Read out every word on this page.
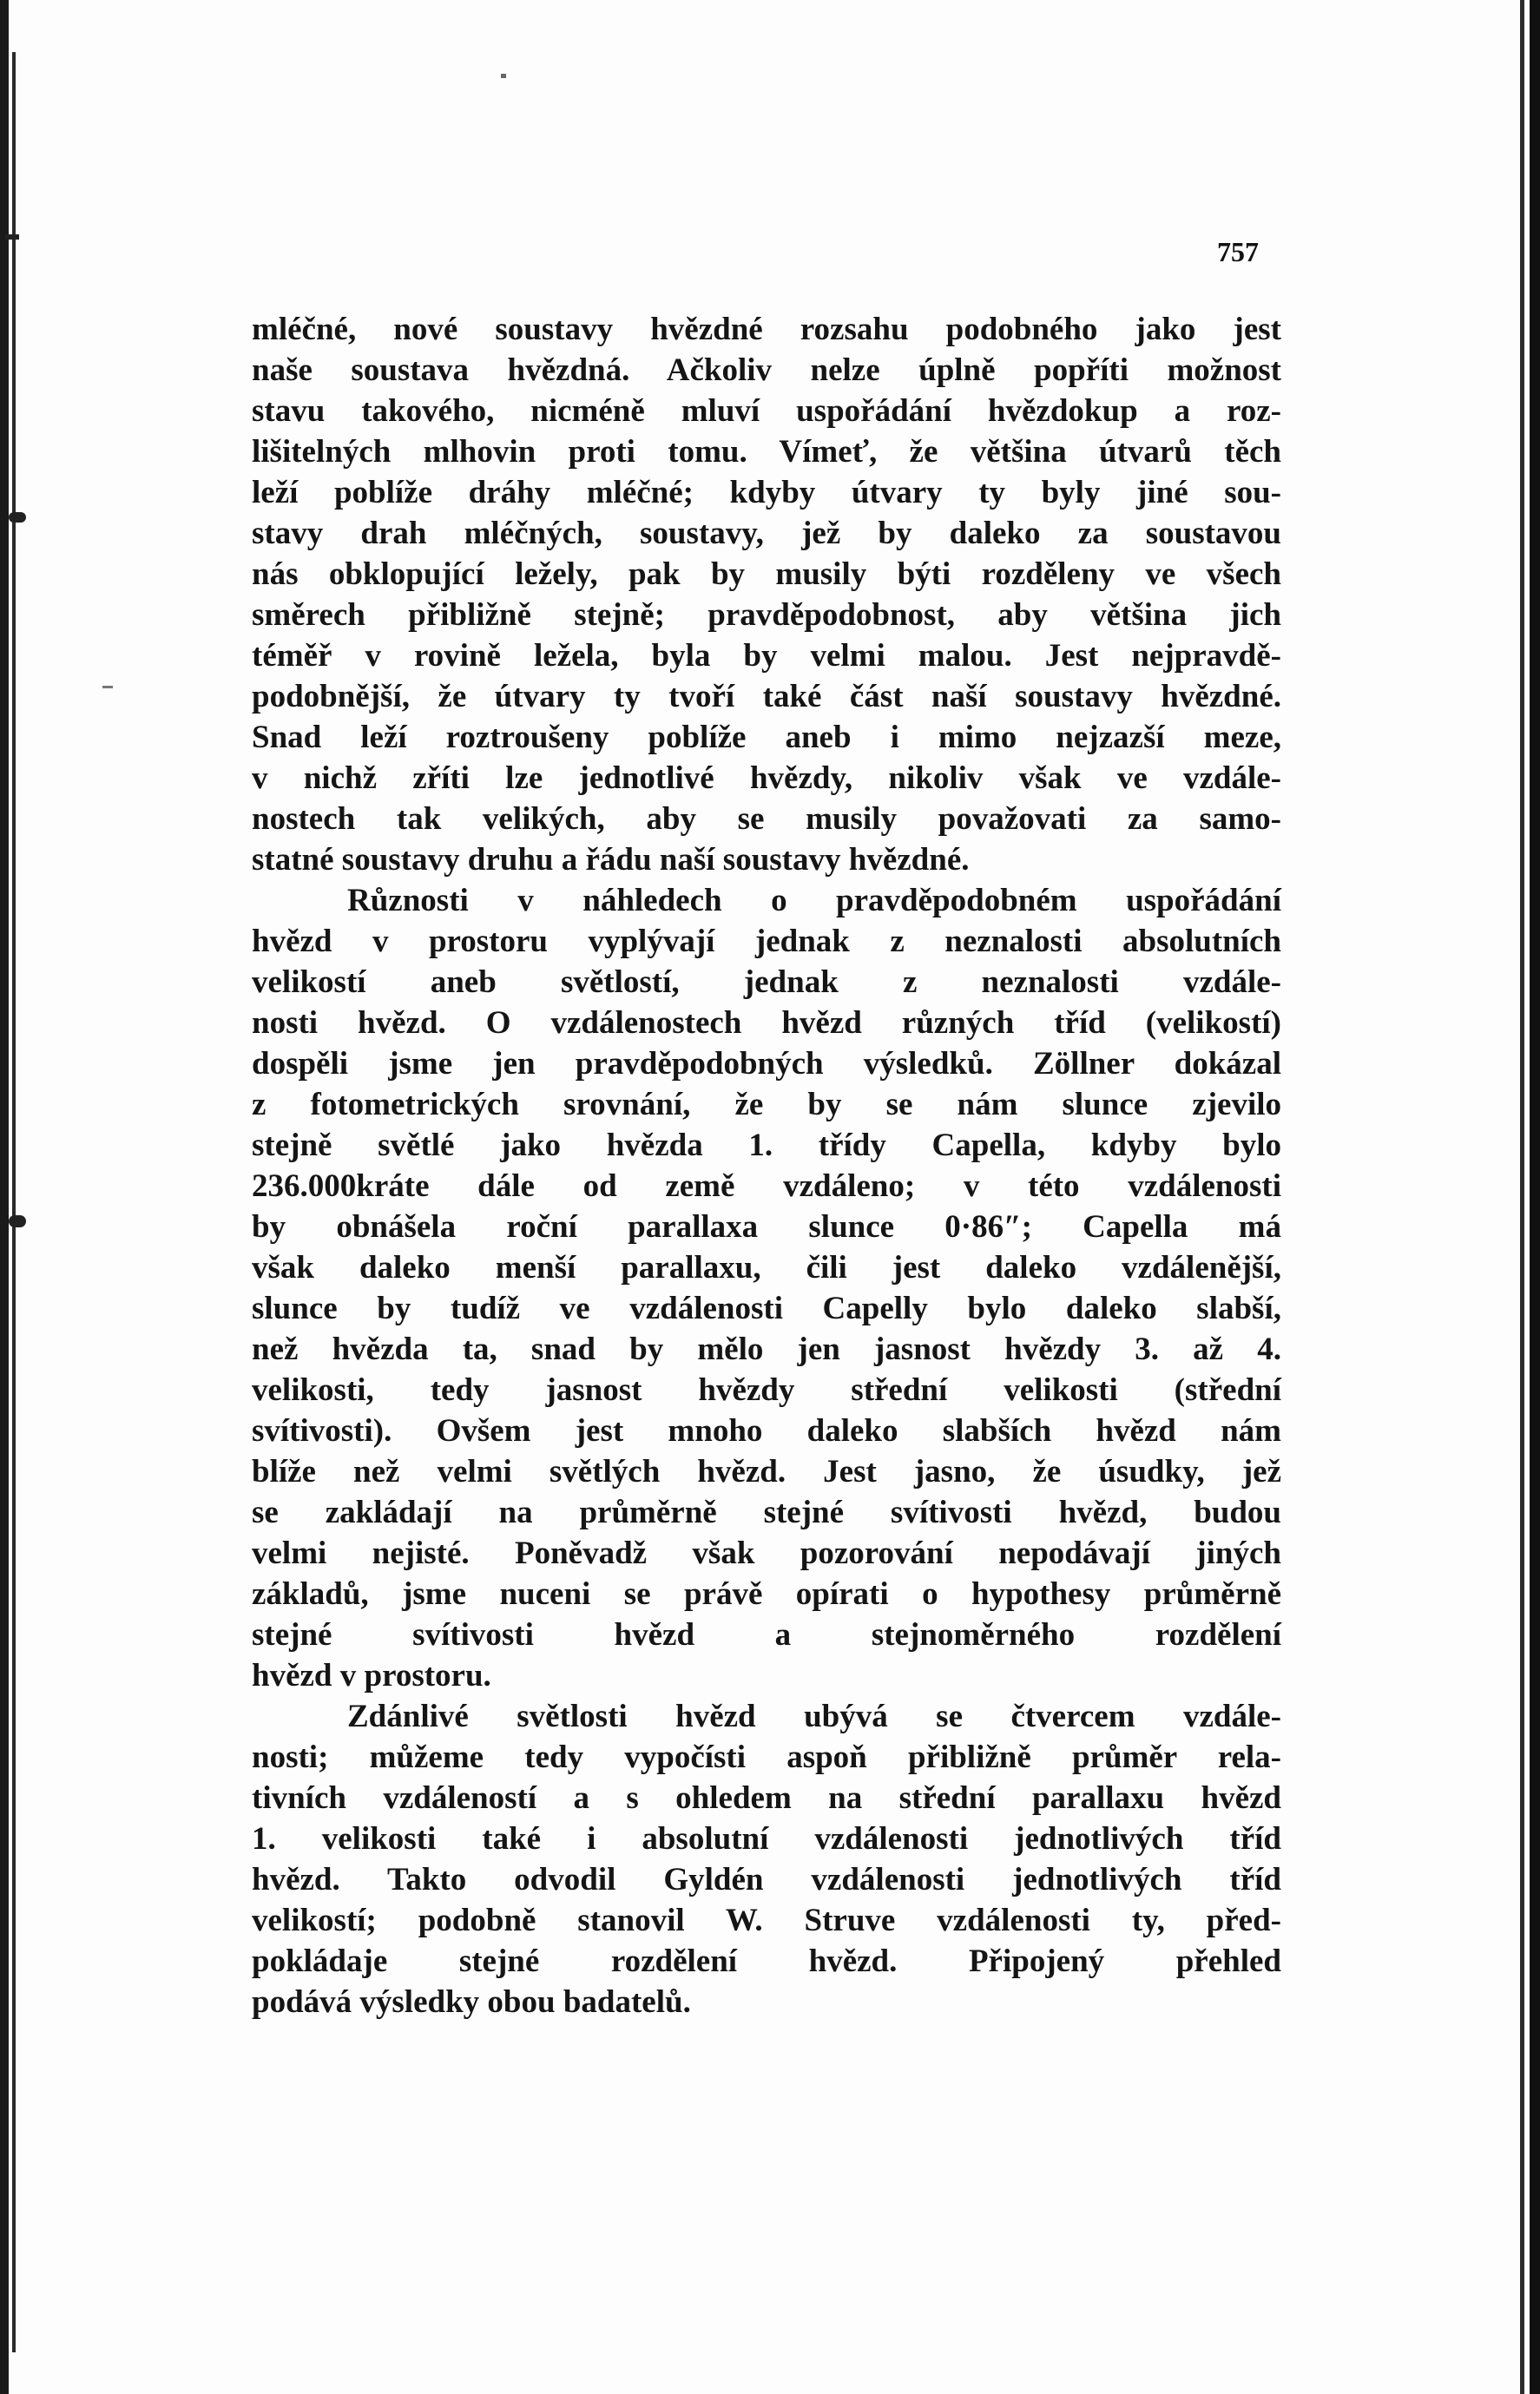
757
mléčné, nové soustavy hvězdné rozsahu podobného jako jest
naše soustava hvězdná. Ačkoliv nelze úplně popříti možnost
stavu takového, nicméně mluví uspořádání hvězdokup a roz-
lišitelných mlhovin proti tomu. Vímeť, že většina útvarů těch
leží poblíže dráhy mléčné; kdyby útvary ty byly jiné sou-
stavy drah mléčných, soustavy, jež by daleko za soustavou
nás obklopující ležely, pak by musily býti rozděleny ve všech
směrech přibližně stejně; pravděpodobnost, aby většina jich
téměř v rovině ležela, byla by velmi malou. Jest nejpravdě-
podobnější, že útvary ty tvoří také část naší soustavy hvězdné.
Snad leží roztroušeny poblíže aneb i mimo nejzazší meze,
v nichž zříti lze jednotlivé hvězdy, nikoliv však ve vzdále-
nostech tak velikých, aby se musily považovati za samo-
statné soustavy druhu a řádu naší soustavy hvězdné.
Různosti v náhledech o pravděpodobném uspořádání
hvězd v prostoru vyplývají jednak z neznalosti absolutních
velikostí aneb světlostí, jednak z neznalosti vzdále-
nosti hvězd. O vzdálenostech hvězd různých tříd (velikostí)
dospěli jsme jen pravděpodobných výsledků. Zöllner dokázal
z fotometrických srovnání, že by se nám slunce zjevilo
stejně světlé jako hvězda 1. třídy Capella, kdyby bylo
236.000kráte dále od země vzdáleno; v této vzdálenosti
by obnášela roční parallaxa slunce 0·86″; Capella má
však daleko menší parallaxu, čili jest daleko vzdálenější,
slunce by tudíž ve vzdálenosti Capelly bylo daleko slabší,
než hvězda ta, snad by mělo jen jasnost hvězdy 3. až 4.
velikosti, tedy jasnost hvězdy střední velikosti (střední
svítivosti). Ovšem jest mnoho daleko slabších hvězd nám
blíže než velmi světlých hvězd. Jest jasno, že úsudky, jež
se zakládají na průměrně stejné svítivosti hvězd, budou
velmi nejisté. Poněvadž však pozorování nepodávají jiných
základů, jsme nuceni se právě opírati o hypothesy průměrně
stejné svítivosti hvězd a stejnoměrného rozdělení
hvězd v prostoru.
Zdánlivé světlosti hvězd ubývá se čtvercem vzdále-
nosti; můžeme tedy vypočísti aspoň přibližně průměr rela-
tivních vzdáleností a s ohledem na střední parallaxu hvězd
1. velikosti také i absolutní vzdálenosti jednotlivých tříd
hvězd. Takto odvodil Gyldén vzdálenosti jednotlivých tříd
velikostí; podobně stanovil W. Struve vzdálenosti ty, před-
pokládaje stejné rozdělení hvězd. Připojený přehled
podává výsledky obou badatelů.
